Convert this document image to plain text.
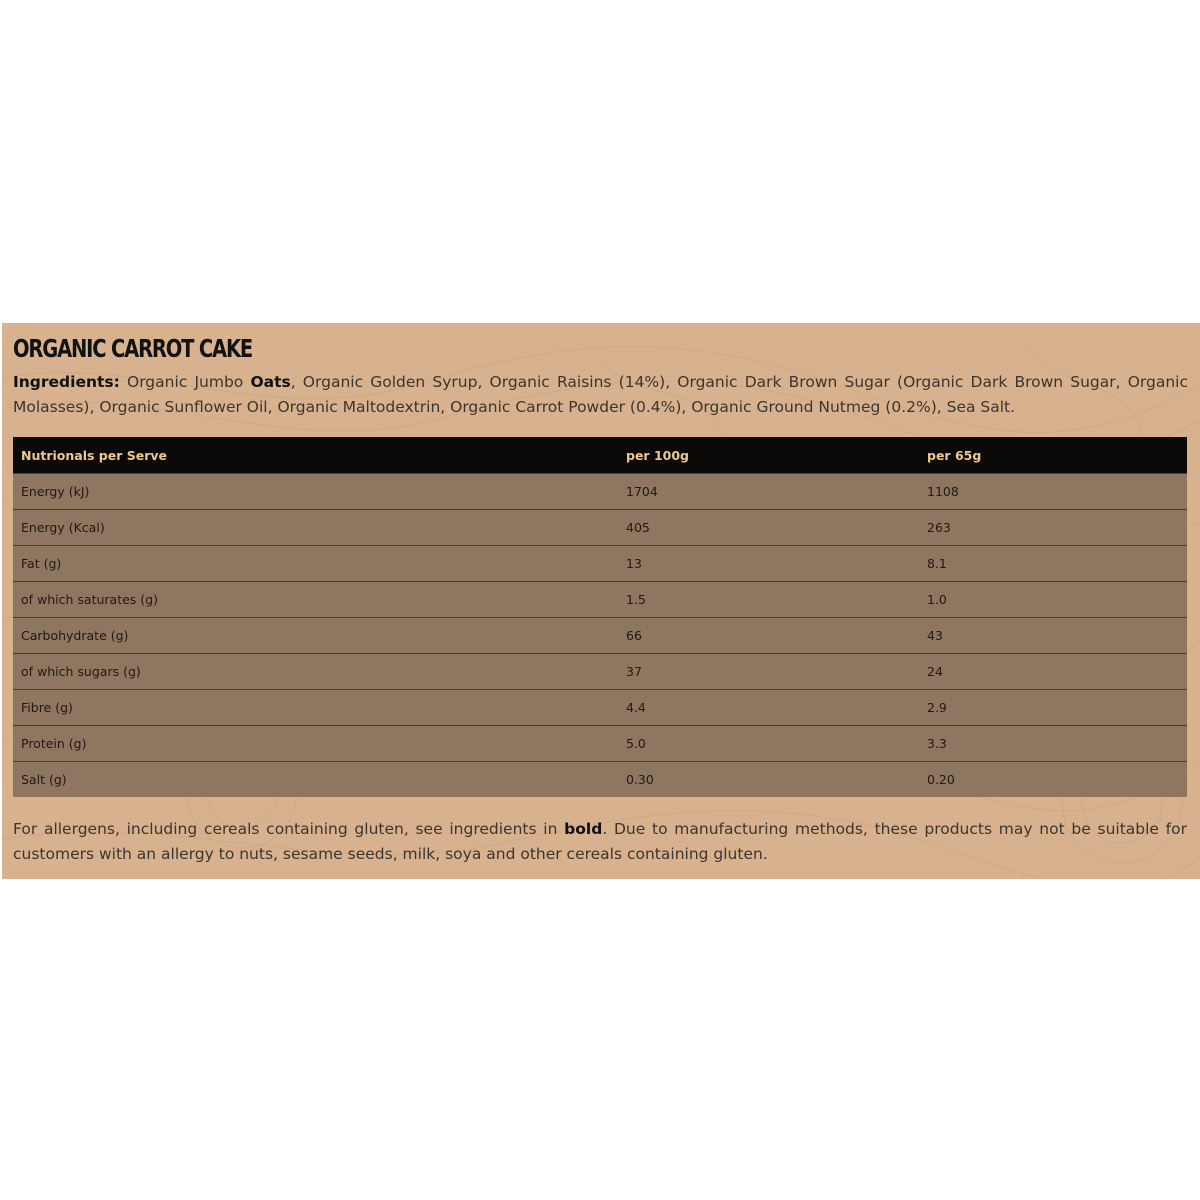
ORGANIC CARROT CAKE
Ingredients: Organic Jumbo Oats, Organic Golden Syrup, Organic Raisins (14%), Organic Dark Brown Sugar (Organic Dark Brown Sugar, Organic Molasses), Organic Sunflower Oil, Organic Maltodextrin, Organic Carrot Powder (0.4%), Organic Ground Nutmeg (0.2%), Sea Salt.
Nutrionals per Serve	per 100g	per 65g
Energy (kJ)	1704	1108
Energy (Kcal)	405	263
Fat (g)	13	8.1
of which saturates (g)	1.5	1.0
Carbohydrate (g)	66	43
of which sugars (g)	37	24
Fibre (g)	4.4	2.9
Protein (g)	5.0	3.3
Salt (g)	0.30	0.20
For allergens, including cereals containing gluten, see ingredients in bold. Due to manufacturing methods, these products may not be suitable for customers with an allergy to nuts, sesame seeds, milk, soya and other cereals containing gluten.
